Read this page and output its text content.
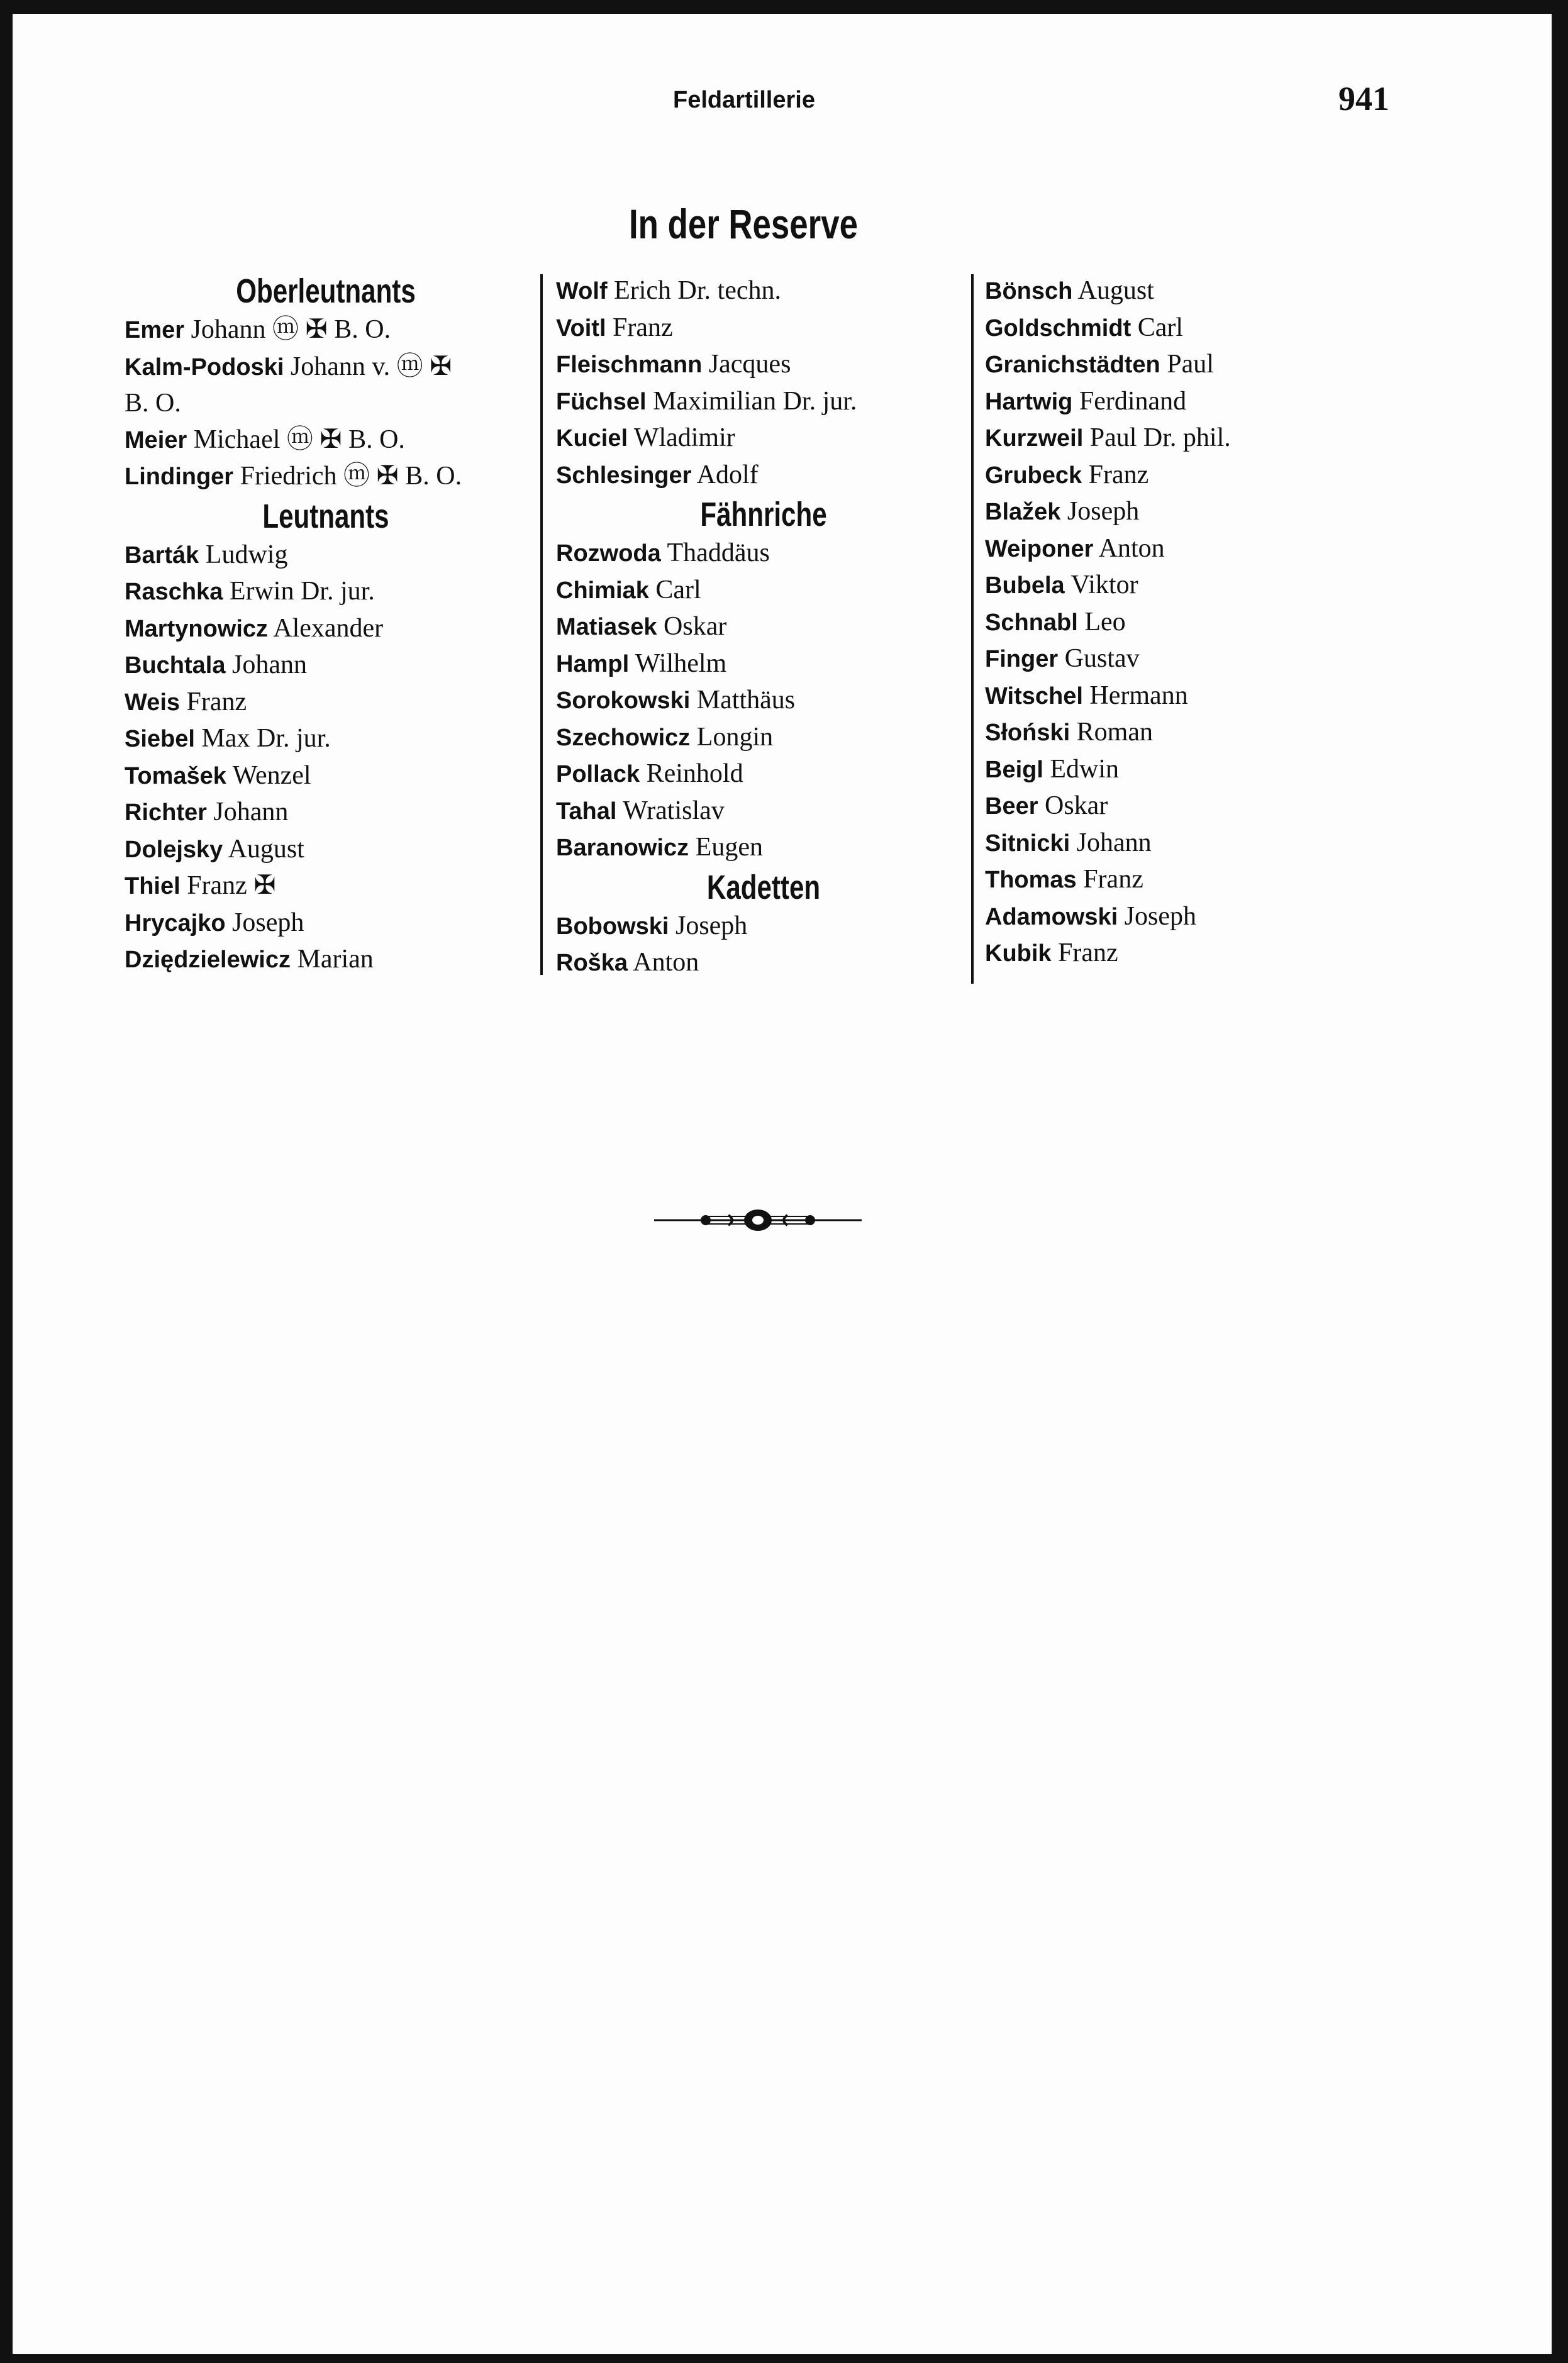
Feldartillerie	941
In der Reserve
Oberleutnants
Emer Johann ⓜ ✠ B. O.
Kalm-Podoski Johann v. ⓜ ✠
B. O.
Meier Michael ⓜ ✠ B. O.
Lindinger Friedrich ⓜ ✠ B. O.
Leutnants
Barták Ludwig
Raschka Erwin Dr. jur.
Martynowicz Alexander
Buchtala Johann
Weis Franz
Siebel Max Dr. jur.
Tomašek Wenzel
Richter Johann
Dolejsky August
Thiel Franz ✠
Hrycajko Joseph
Dziędzielewicz Marian
Wolf Erich Dr. techn.
Voitl Franz
Fleischmann Jacques
Füchsel Maximilian Dr. jur.
Kuciel Wladimir
Schlesinger Adolf
Fähnriche
Rozwoda Thaddäus
Chimiak Carl
Matiasek Oskar
Hampl Wilhelm
Sorokowski Matthäus
Szechowicz Longin
Pollack Reinhold
Tahal Wratislav
Baranowicz Eugen
Kadetten
Bobowski Joseph
Roška Anton
Bönsch August
Goldschmidt Carl
Granichstädten Paul
Hartwig Ferdinand
Kurzweil Paul Dr. phil.
Grubeck Franz
Blažek Joseph
Weiponer Anton
Bubela Viktor
Schnabl Leo
Finger Gustav
Witschel Hermann
Słoński Roman
Beigl Edwin
Beer Oskar
Sitnicki Johann
Thomas Franz
Adamowski Joseph
Kubik Franz
